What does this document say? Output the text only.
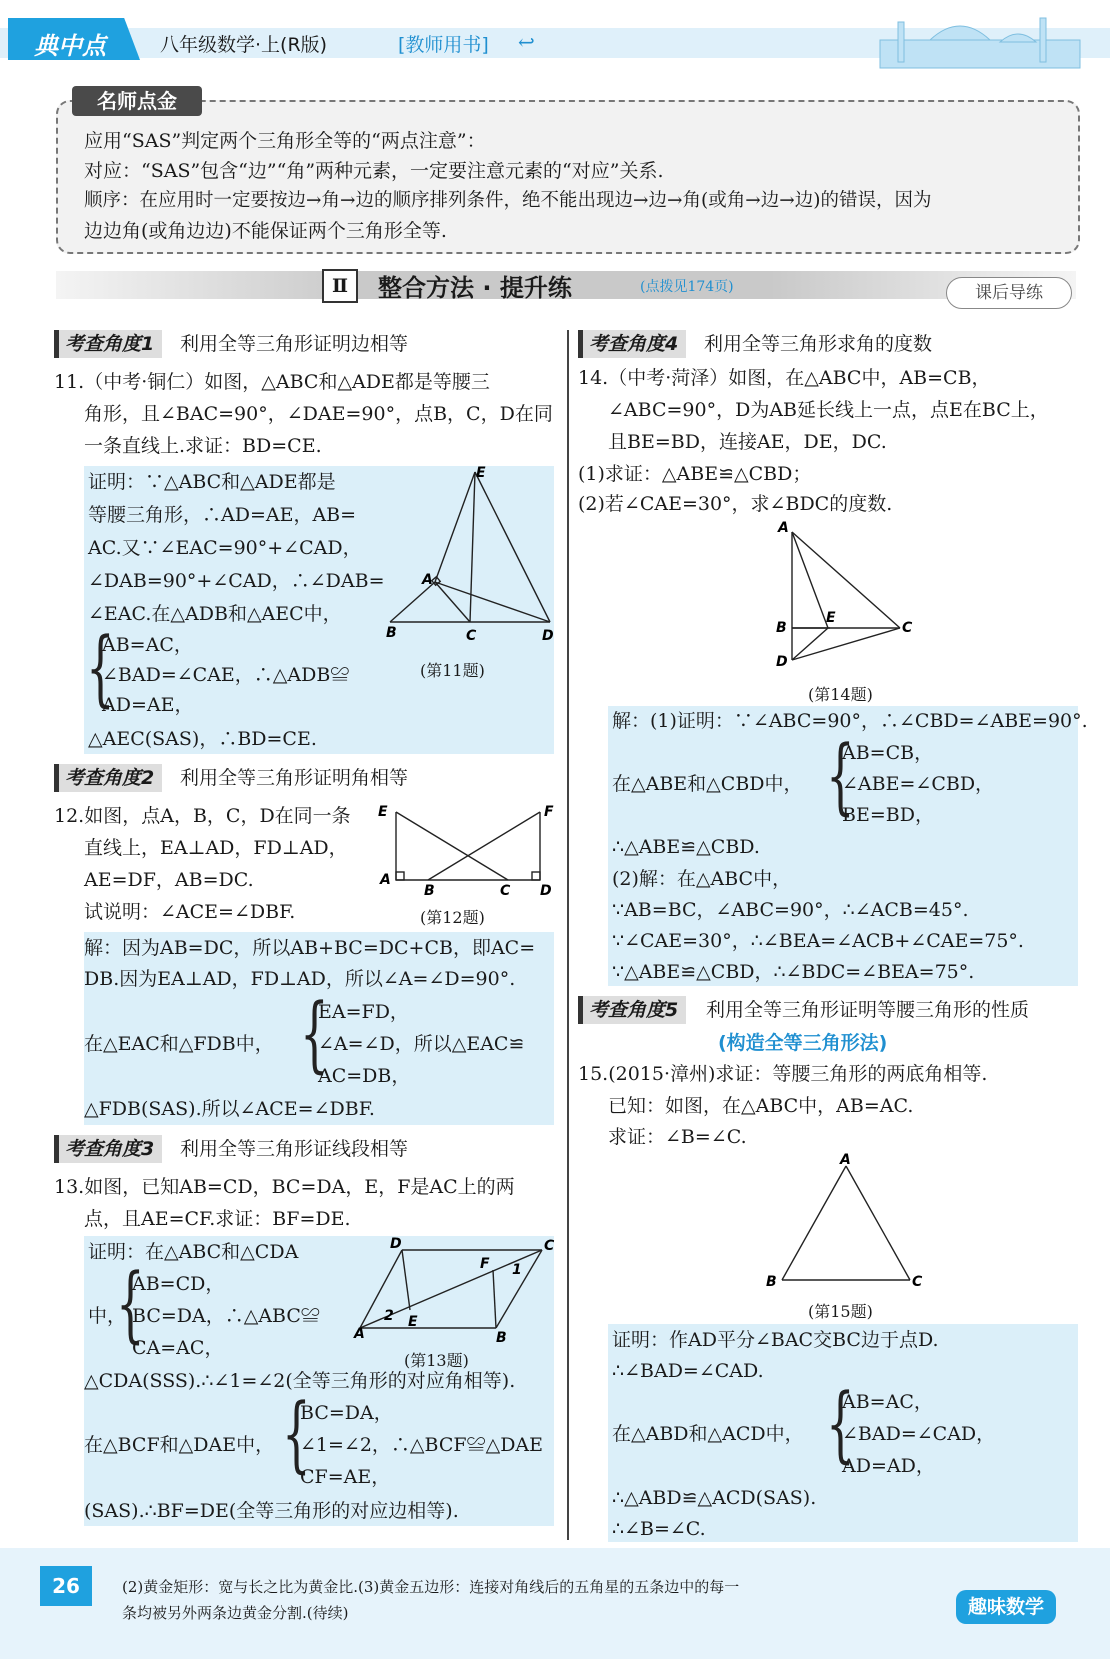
典中点	八年级数学·上(R版)	[教师用书] ↩
名师点金
应用“SAS”判定两个三角形全等的“两点注意”：
对应：“SAS”包含“边”“角”两种元素，一定要注意元素的“对应”关系.
顺序：在应用时一定要按边→角→边的顺序排列条件，绝不能出现边→边→角(或角→边→边)的错误，因为
边边角(或角边边)不能保证两个三角形全等.
Ⅱ	整合方法 · 提升练	(点拨见174页)	课后导练
考查角度1	利用全等三角形证明边相等
11.（中考·铜仁）如图，△ABC和△ADE都是等腰三
角形，且∠BAC=90°，∠DAE=90°，点B，C，D在同
一条直线上.求证：BD=CE.
证明：∵△ABC和△ADE都是
等腰三角形，∴AD=AE，AB=
AC.又∵∠EAC=90°+∠CAD，
∠DAB=90°+∠CAD，∴∠DAB=
∠EAC.在△ADB和△AEC中，
{
AB=AC，
∠BAD=∠CAE，∴△ADB≌
AD=AE，
△AEC(SAS)，∴BD=CE.
E
A
B	C	D
(第11题)
考查角度2	利用全等三角形证明角相等
12.如图，点A，B，C，D在同一条
直线上，EA⊥AD，FD⊥AD，
AE=DF，AB=DC.
试说明：∠ACE=∠DBF.
E	F
A
B	C D
(第12题)
解：因为AB=DC，所以AB+BC=DC+CB，即AC=
DB.因为EA⊥AD，FD⊥AD，所以∠A=∠D=90°.
{
EA=FD，
在△EAC和△FDB中， ∠A=∠D，所以△EAC≌
AC=DB，
△FDB(SAS).所以∠ACE=∠DBF.
考查角度3	利用全等三角形证线段相等
13.如图，已知AB=CD，BC=DA，E，F是AC上的两
点，且AE=CF.求证：BF=DE.
证明：在△ABC和△CDA
{
AB=CD，
中， BC=DA，∴△ABC≌
CA=AC，
△CDA(SSS).∴∠1=∠2(全等三角形的对应角相等).
{
BC=DA，
在△BCF和△DAE中， ∠1=∠2，∴△BCF≌△DAE
CF=AE，
(SAS).∴BF=DE(全等三角形的对应边相等).
D	C
A	B
E
F
2
1
(第13题)
考查角度4	利用全等三角形求角的度数
14.（中考·菏泽）如图，在△ABC中，AB=CB，
∠ABC=90°，D为AB延长线上一点，点E在BC上，
且BE=BD，连接AE，DE，DC.
(1)求证：△ABE≌△CBD；
(2)若∠CAE=30°，求∠BDC的度数.
A
B
D
E
C
(第14题)
解：(1)证明：∵∠ABC=90°，∴∠CBD=∠ABE=90°.
{
AB=CB，
在△ABE和△CBD中， ∠ABE=∠CBD，
BE=BD，
∴△ABE≌△CBD.
(2)解：在△ABC中，
∵AB=BC，∠ABC=90°，∴∠ACB=45°.
∵∠CAE=30°，∴∠BEA=∠ACB+∠CAE=75°.
∵△ABE≌△CBD，∴∠BDC=∠BEA=75°.
考查角度5	利用全等三角形证明等腰三角形的性质
(构造全等三角形法)
15.(2015·漳州)求证：等腰三角形的两底角相等.
已知：如图，在△ABC中，AB=AC.
求证：∠B=∠C.
A
B	C
(第15题)
证明：作AD平分∠BAC交BC边于点D.
∴∠BAD=∠CAD.
{
AB=AC，
在△ABD和△ACD中， ∠BAD=∠CAD，
AD=AD，
∴△ABD≌△ACD(SAS).
∴∠B=∠C.
26	(2)黄金矩形：宽与长之比为黄金比.(3)黄金五边形：连接对角线后的五角星的五条边中的每一
条均被另外两条边黄金分割.(待续)	趣味数学
